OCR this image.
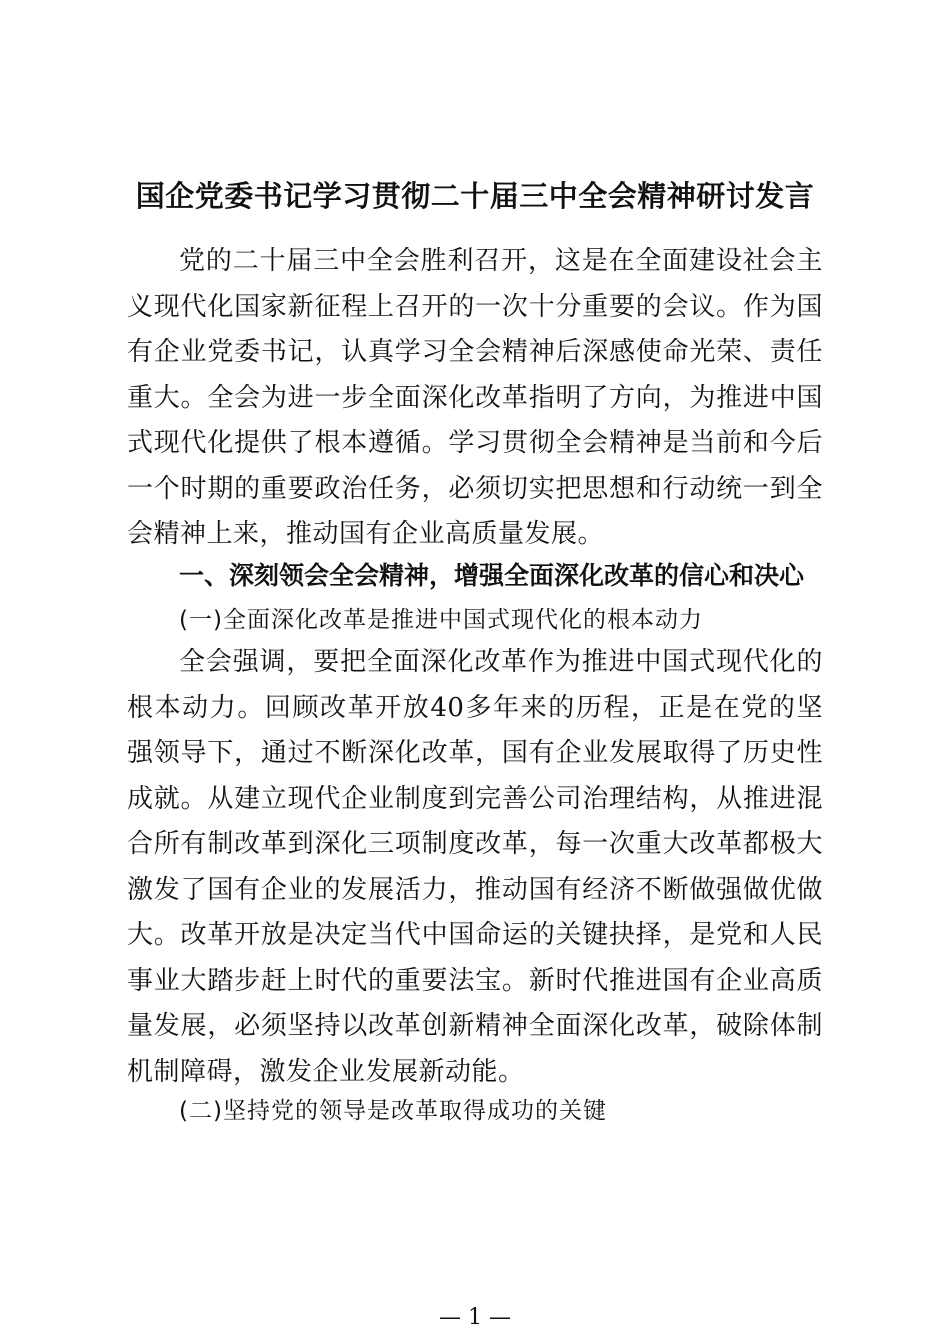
国企党委书记学习贯彻二十届三中全会精神研讨发言
党的二十届三中全会胜利召开，这是在全面建设社会主义现代化国家新征程上召开的一次十分重要的会议。作为国有企业党委书记，认真学习全会精神后深感使命光荣、责任重大。全会为进一步全面深化改革指明了方向，为推进中国式现代化提供了根本遵循。学习贯彻全会精神是当前和今后一个时期的重要政治任务，必须切实把思想和行动统一到全会精神上来，推动国有企业高质量发展。
一、深刻领会全会精神，增强全面深化改革的信心和决心
(一)全面深化改革是推进中国式现代化的根本动力
全会强调，要把全面深化改革作为推进中国式现代化的根本动力。回顾改革开放40多年来的历程，正是在党的坚强领导下，通过不断深化改革，国有企业发展取得了历史性成就。从建立现代企业制度到完善公司治理结构，从推进混合所有制改革到深化三项制度改革，每一次重大改革都极大激发了国有企业的发展活力，推动国有经济不断做强做优做大。改革开放是决定当代中国命运的关键抉择，是党和人民事业大踏步赶上时代的重要法宝。新时代推进国有企业高质量发展，必须坚持以改革创新精神全面深化改革，破除体制机制障碍，激发企业发展新动能。
(二)坚持党的领导是改革取得成功的关键
— 1 —
